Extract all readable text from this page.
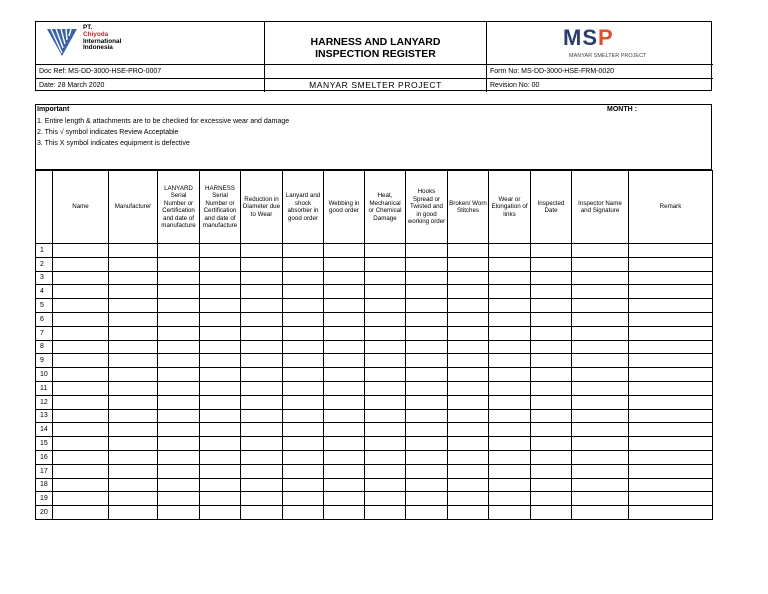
PT.
Chiyoda
International
Indonesia	HARNESS AND LANYARD
INSPECTION REGISTER
MSP
MANYAR SMELTER PROJECT
Doc Ref: MS-DD-3000-HSE-PRO-0007	Form No: MS-DD-3000-HSE-FRM-0020
Date: 28 March 2020	MANYAR SMELTER PROJECT	Revision No: 00
Important	MONTH :
1. Entire length & attachments are to be checked for excessive wear and damage
2. This √ symbol indicates Review Acceptable
3. This X symbol indicates equipment is defective
	Name	Manufacturer	LANYARD Serial Number or Certification and date of manufacture	HARNESS Serial Number or Certification and date of manufacture	Reduction in Diameter due to Wear	Lanyard and shock absorber in good order	Webbing in good order	Heat, Mechanical or Chemical Damage	Hooks Spread or Twisted and in good working order	Broken/ Worn Stitches	Wear or Elongation of links	Inspected Date	Inspector Name and Signature	Remark
1														
2														
3														
4														
5														
6														
7														
8														
9														
10														
11														
12														
13														
14														
15														
16														
17														
18														
19														
20														
